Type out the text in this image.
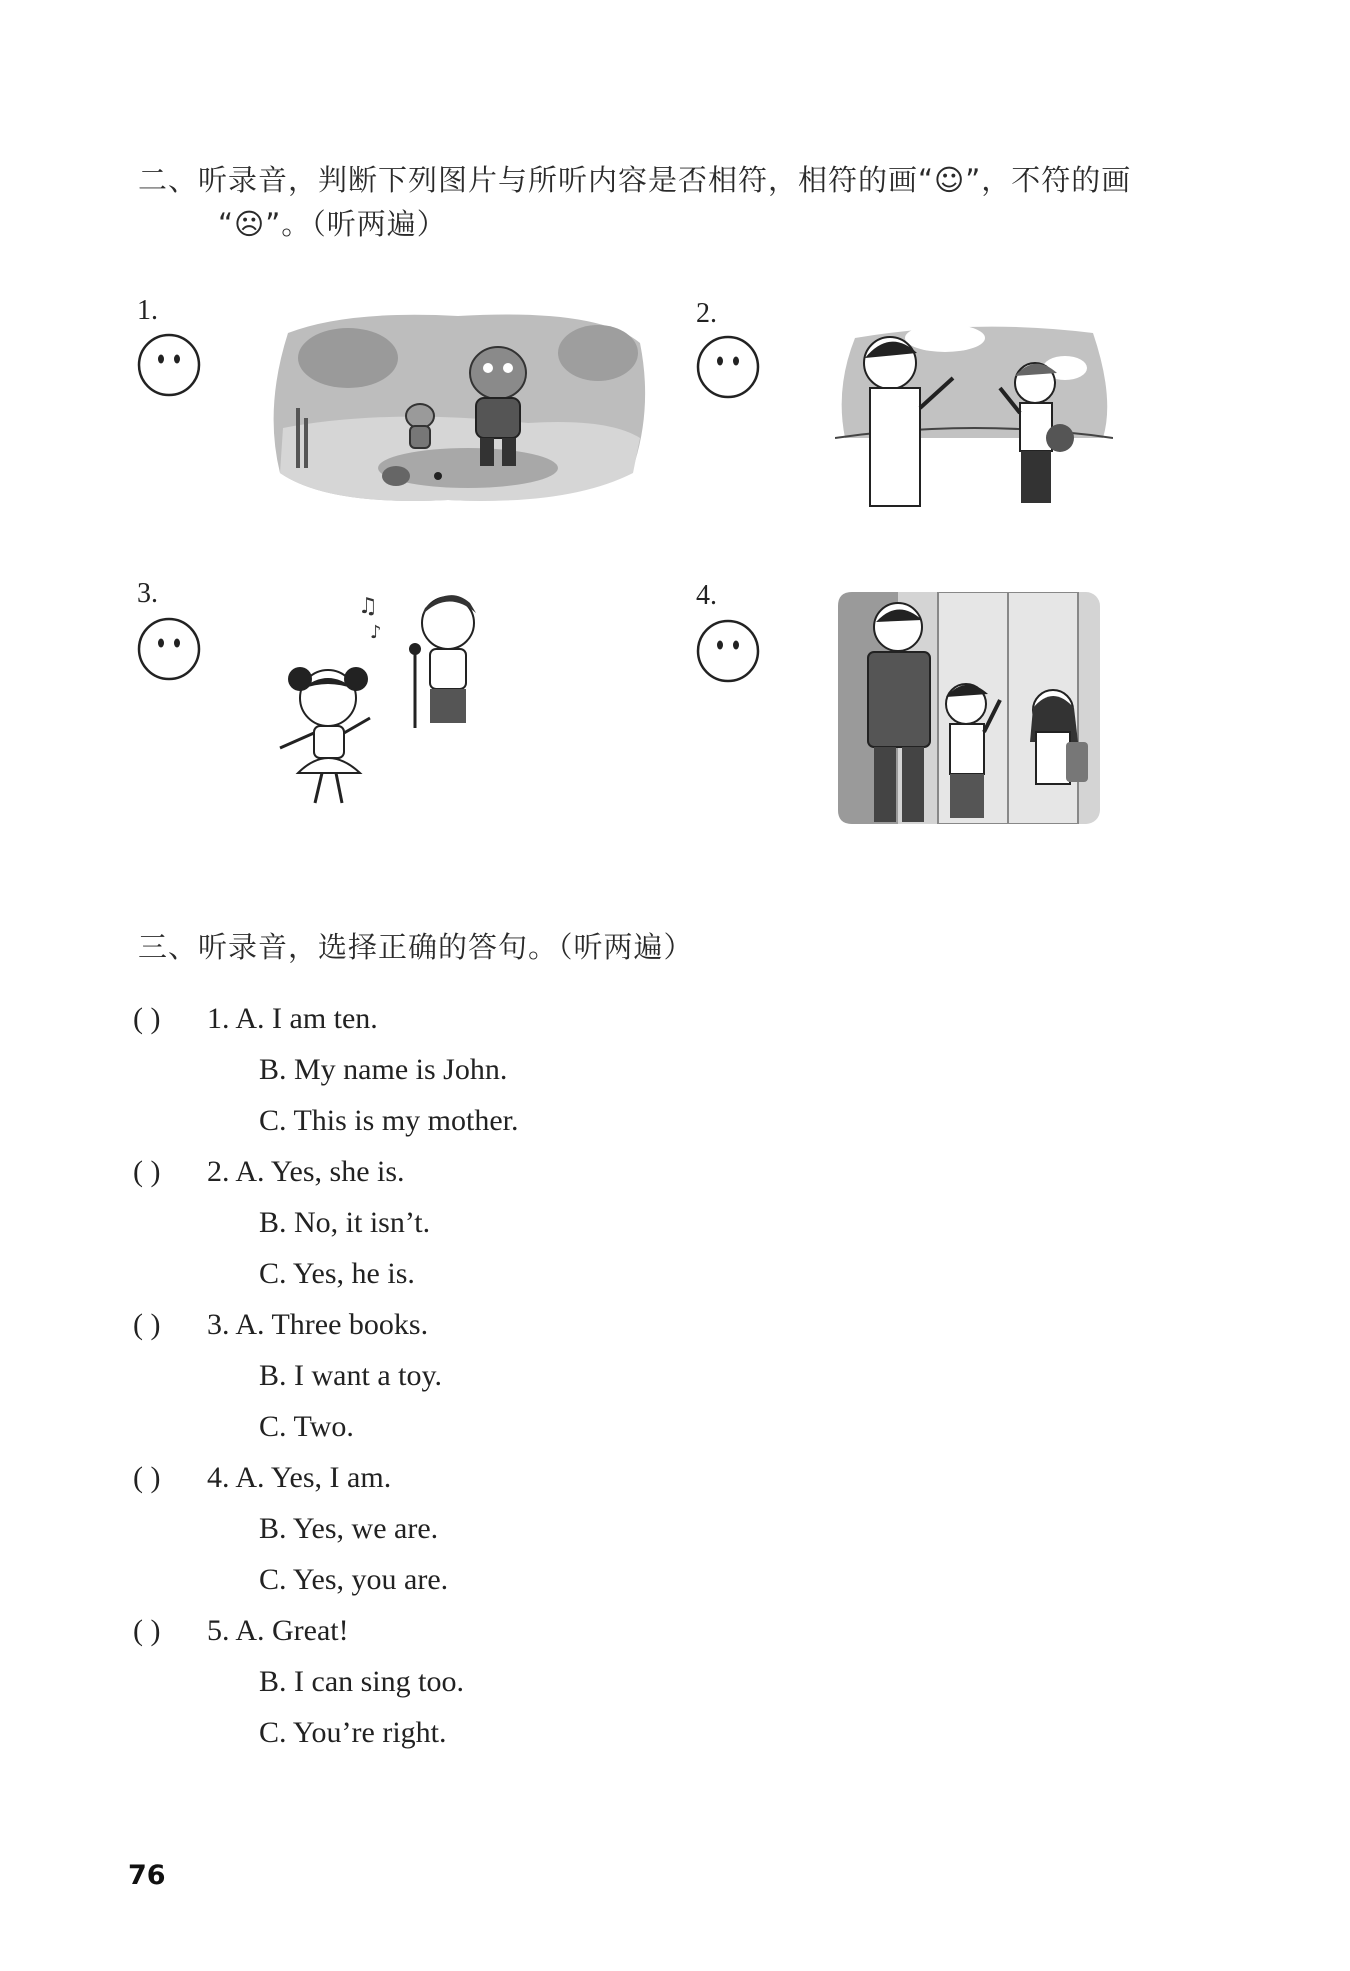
二、听录音，判断下列图片与所听内容是否相符，相符的画“☺”，不符的画
“☹”。（听两遍）
1.	2.
3.	♫
♪
4.
三、听录音，选择正确的答句。（听两遍）
( ) 1. A. I am ten.
B. My name is John.
C. This is my mother.
( ) 2. A. Yes, she is.
B. No, it isn’t.
C. Yes, he is.
( ) 3. A. Three books.
B. I want a toy.
C. Two.
( ) 4. A. Yes, I am.
B. Yes, we are.
C. Yes, you are.
( ) 5. A. Great!
B. I can sing too.
C. You’re right.
76
